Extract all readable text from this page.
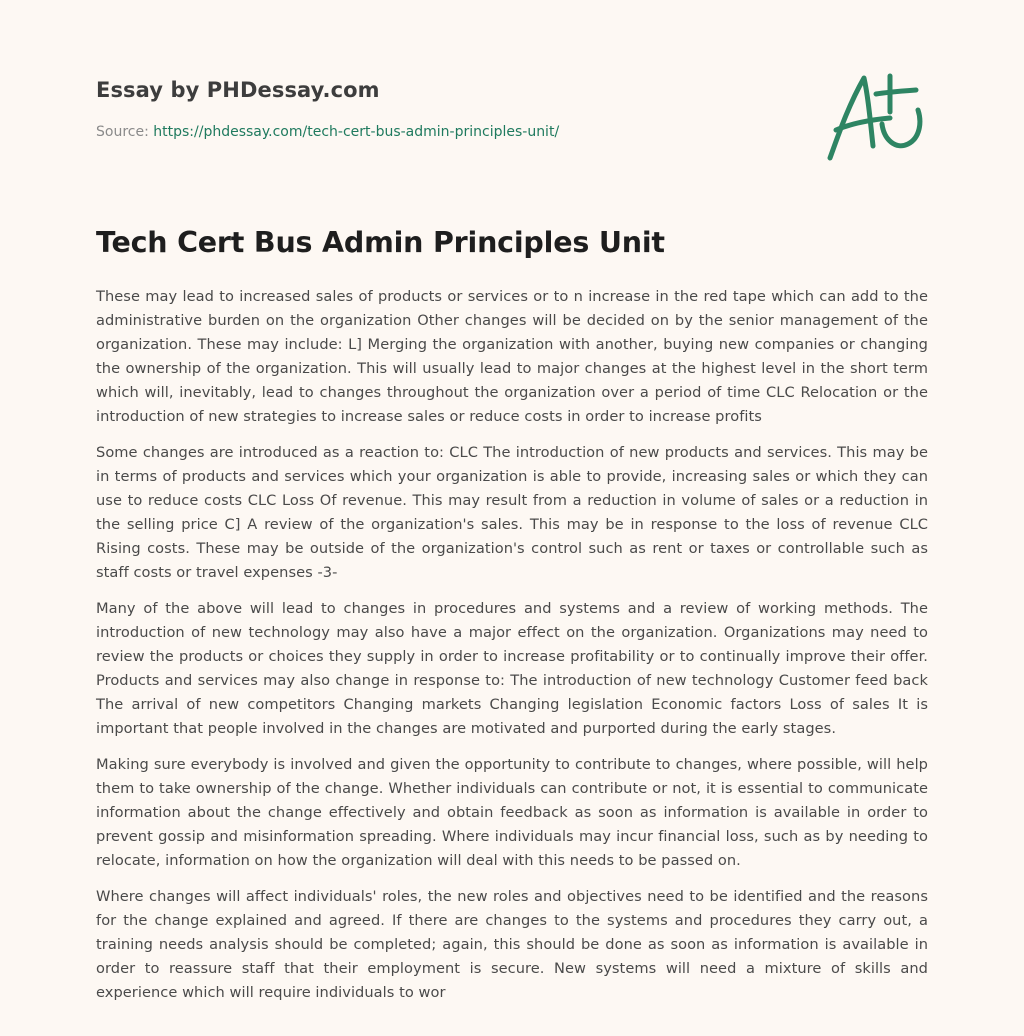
Essay by PHDessay.com
Source: https://phdessay.com/tech-cert-bus-admin-principles-unit/
Tech Cert Bus Admin Principles Unit

These may lead to increased sales of products or services or to n increase in the red tape which can add to the administrative burden on the organization Other changes will be decided on by the senior management of the organization. These may include: L] Merging the organization with another, buying new companies or changing the ownership of the organization. This will usually lead to major changes at the highest level in the short term which will, inevitably, lead to changes throughout the organization over a period of time CLC Relocation or the introduction of new strategies to increase sales or reduce costs in order to increase profits

Some changes are introduced as a reaction to: CLC The introduction of new products and services. This may be in terms of products and services which your organization is able to provide, increasing sales or which they can use to reduce costs CLC Loss Of revenue. This may result from a reduction in volume of sales or a reduction in the selling price C] A review of the organization's sales. This may be in response to the loss of revenue CLC Rising costs. These may be outside of the organization's control such as rent or taxes or controllable such as staff costs or travel expenses -3-

Many of the above will lead to changes in procedures and systems and a review of working methods. The introduction of new technology may also have a major effect on the organization. Organizations may need to review the products or choices they supply in order to increase profitability or to continually improve their offer. Products and services may also change in response to: The introduction of new technology Customer feed back The arrival of new competitors Changing markets Changing legislation Economic factors Loss of sales It is important that people involved in the changes are motivated and purported during the early stages.

Making sure everybody is involved and given the opportunity to contribute to changes, where possible, will help them to take ownership of the change. Whether individuals can contribute or not, it is essential to communicate information about the change effectively and obtain feedback as soon as information is available in order to prevent gossip and misinformation spreading. Where individuals may incur financial loss, such as by needing to relocate, information on how the organization will deal with this needs to be passed on.

Where changes will affect individuals' roles, the new roles and objectives need to be identified and the reasons for the change explained and agreed. If there are changes to the systems and procedures they carry out, a training needs analysis should be completed; again, this should be done as soon as information is available in order to reassure staff that their employment is secure. New systems will need a mixture of skills and experience which will require individuals to wor
